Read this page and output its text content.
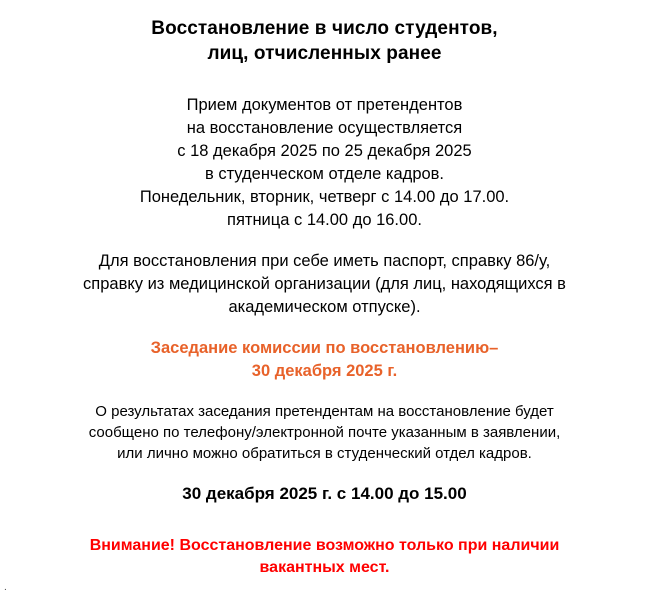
Восстановление в число студентов,
лиц, отчисленных ранее
Прием документов от претендентов
на восстановление осуществляется
с 18 декабря 2025 по 25 декабря 2025
в студенческом отделе кадров.
Понедельник, вторник, четверг с 14.00 до 17.00.
пятница с 14.00 до 16.00.
Для восстановления при себе иметь паспорт, справку 86/у,
справку из медицинской организации (для лиц, находящихся в
академическом отпуске).
Заседание комиссии по восстановлению–
30 декабря 2025 г.
О результатах заседания претендентам на восстановление будет
сообщено по телефону/электронной почте указанным в заявлении,
или лично можно обратиться в студенческий отдел кадров.
30 декабря 2025 г. с 14.00 до 15.00
Внимание! Восстановление возможно только при наличии
вакантных мест.
.
